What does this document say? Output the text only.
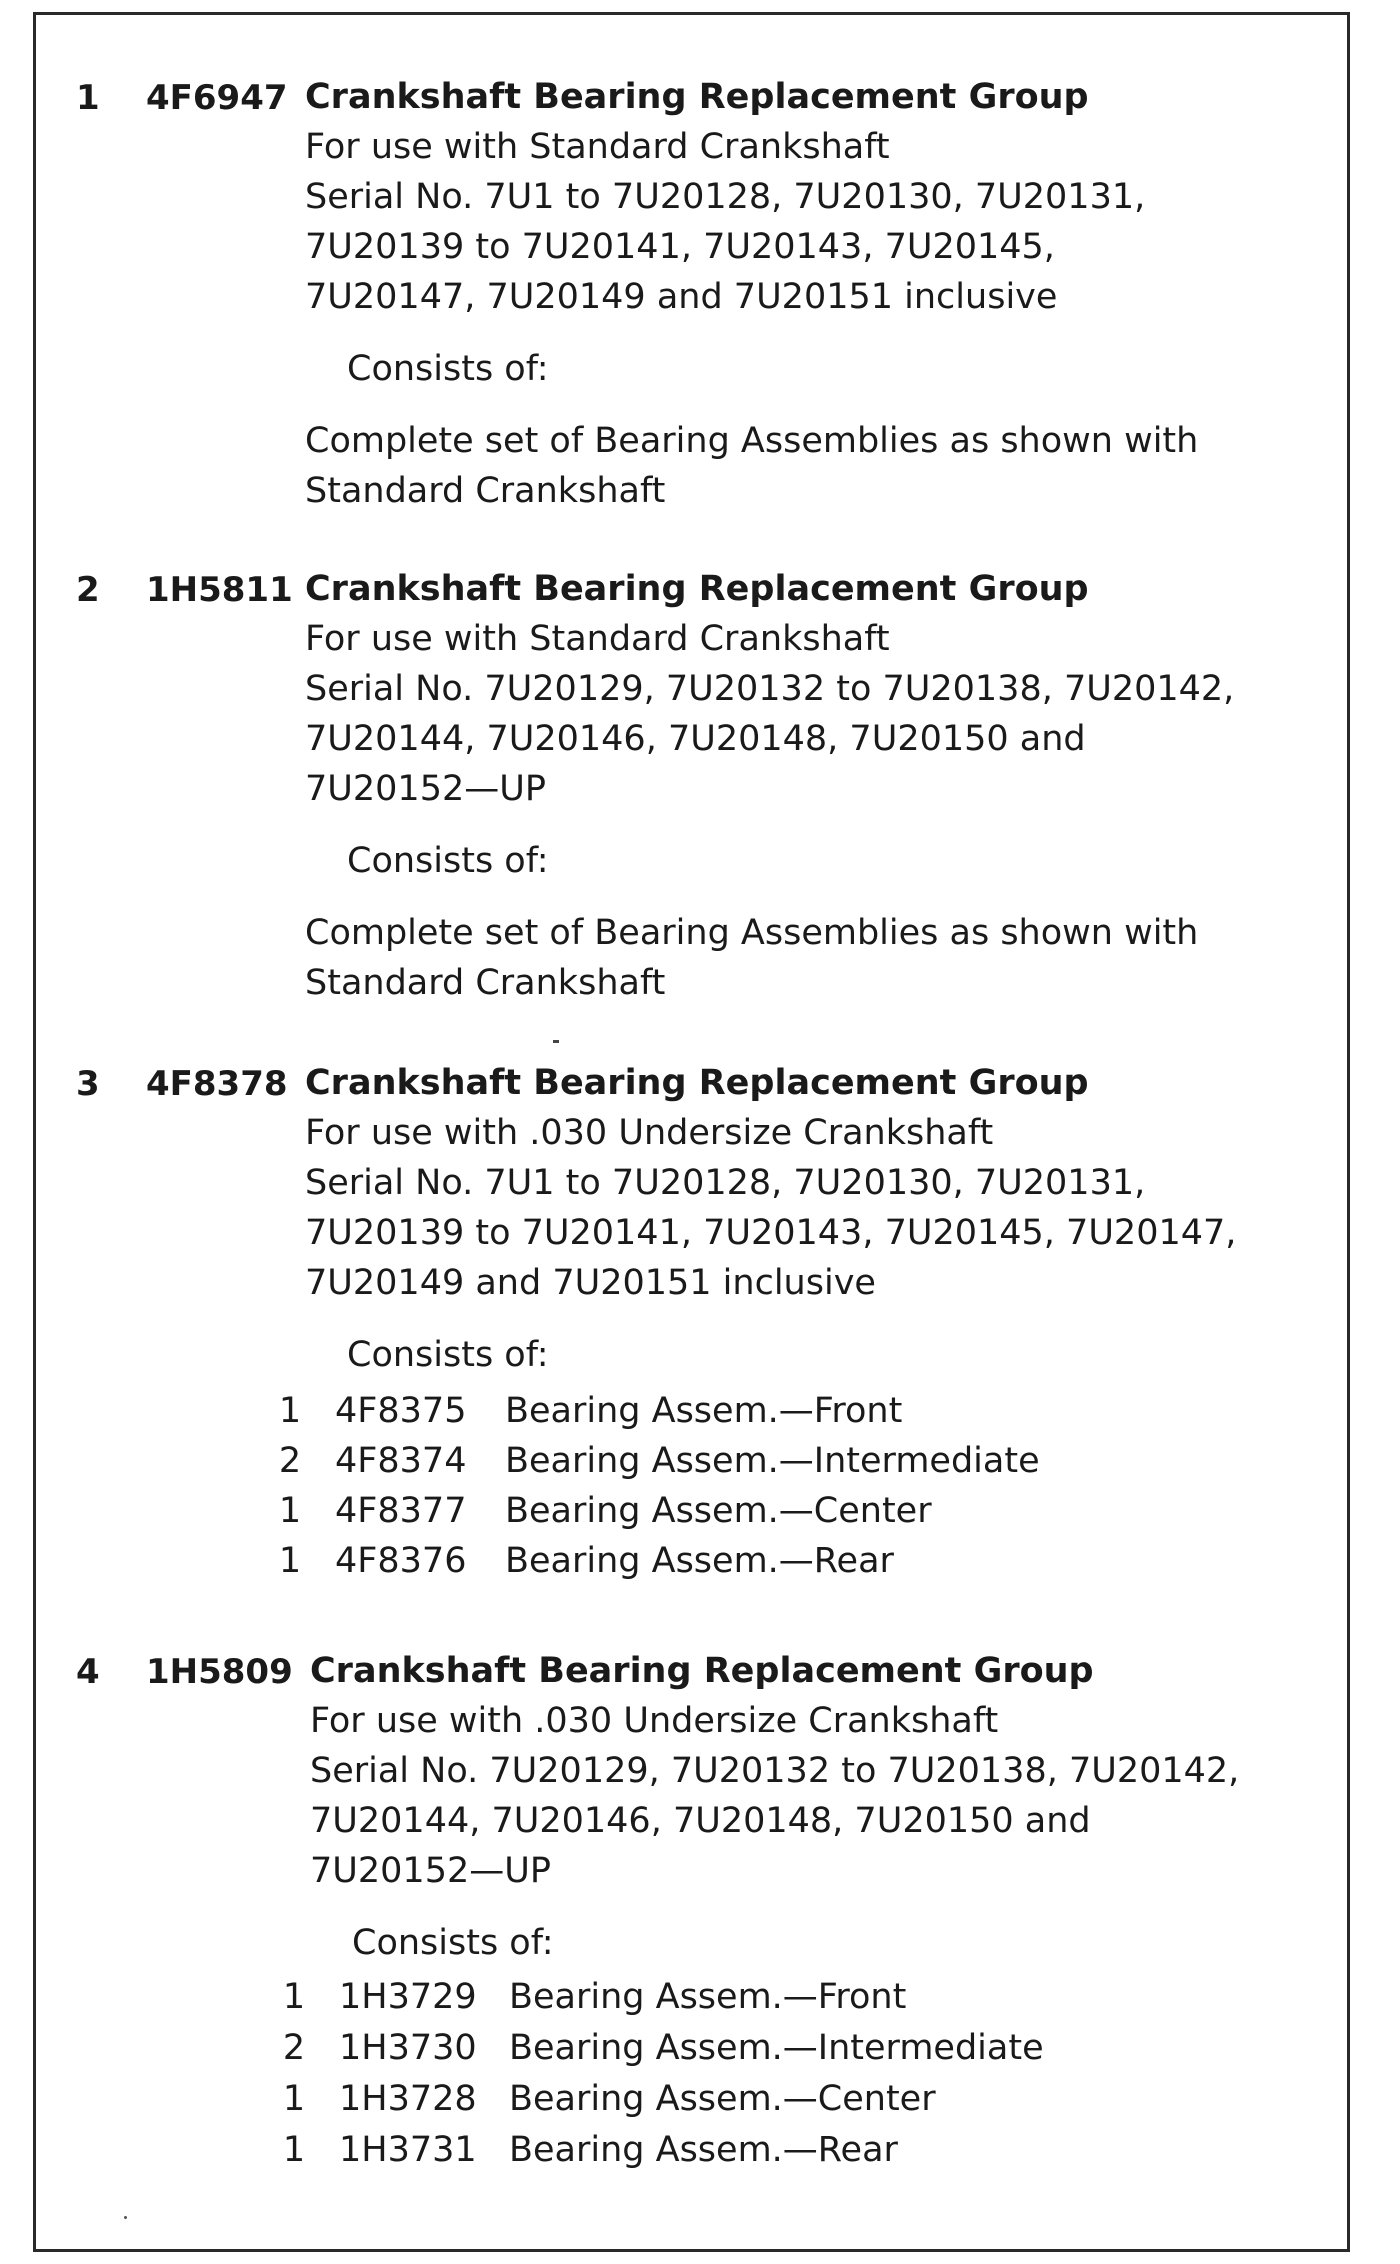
1 4F6947 Crankshaft Bearing Replacement Group
For use with Standard Crankshaft
Serial No. 7U1 to 7U20128, 7U20130, 7U20131,
7U20139 to 7U20141, 7U20143, 7U20145,
7U20147, 7U20149 and 7U20151 inclusive
Consists of:
Complete set of Bearing Assemblies as shown with
Standard Crankshaft
2 1H5811 Crankshaft Bearing Replacement Group
For use with Standard Crankshaft
Serial No. 7U20129, 7U20132 to 7U20138, 7U20142,
7U20144, 7U20146, 7U20148, 7U20150 and
7U20152—UP
Consists of:
Complete set of Bearing Assemblies as shown with
Standard Crankshaft
3 4F8378 Crankshaft Bearing Replacement Group
For use with .030 Undersize Crankshaft
Serial No. 7U1 to 7U20128, 7U20130, 7U20131,
7U20139 to 7U20141, 7U20143, 7U20145, 7U20147,
7U20149 and 7U20151 inclusive
Consists of:
1 4F8375 Bearing Assem.—Front
2 4F8374 Bearing Assem.—Intermediate
1 4F8377 Bearing Assem.—Center
1 4F8376 Bearing Assem.—Rear
4 1H5809 Crankshaft Bearing Replacement Group
For use with .030 Undersize Crankshaft
Serial No. 7U20129, 7U20132 to 7U20138, 7U20142,
7U20144, 7U20146, 7U20148, 7U20150 and
7U20152—UP
Consists of:
1 1H3729 Bearing Assem.—Front
2 1H3730 Bearing Assem.—Intermediate
1 1H3728 Bearing Assem.—Center
1 1H3731 Bearing Assem.—Rear
